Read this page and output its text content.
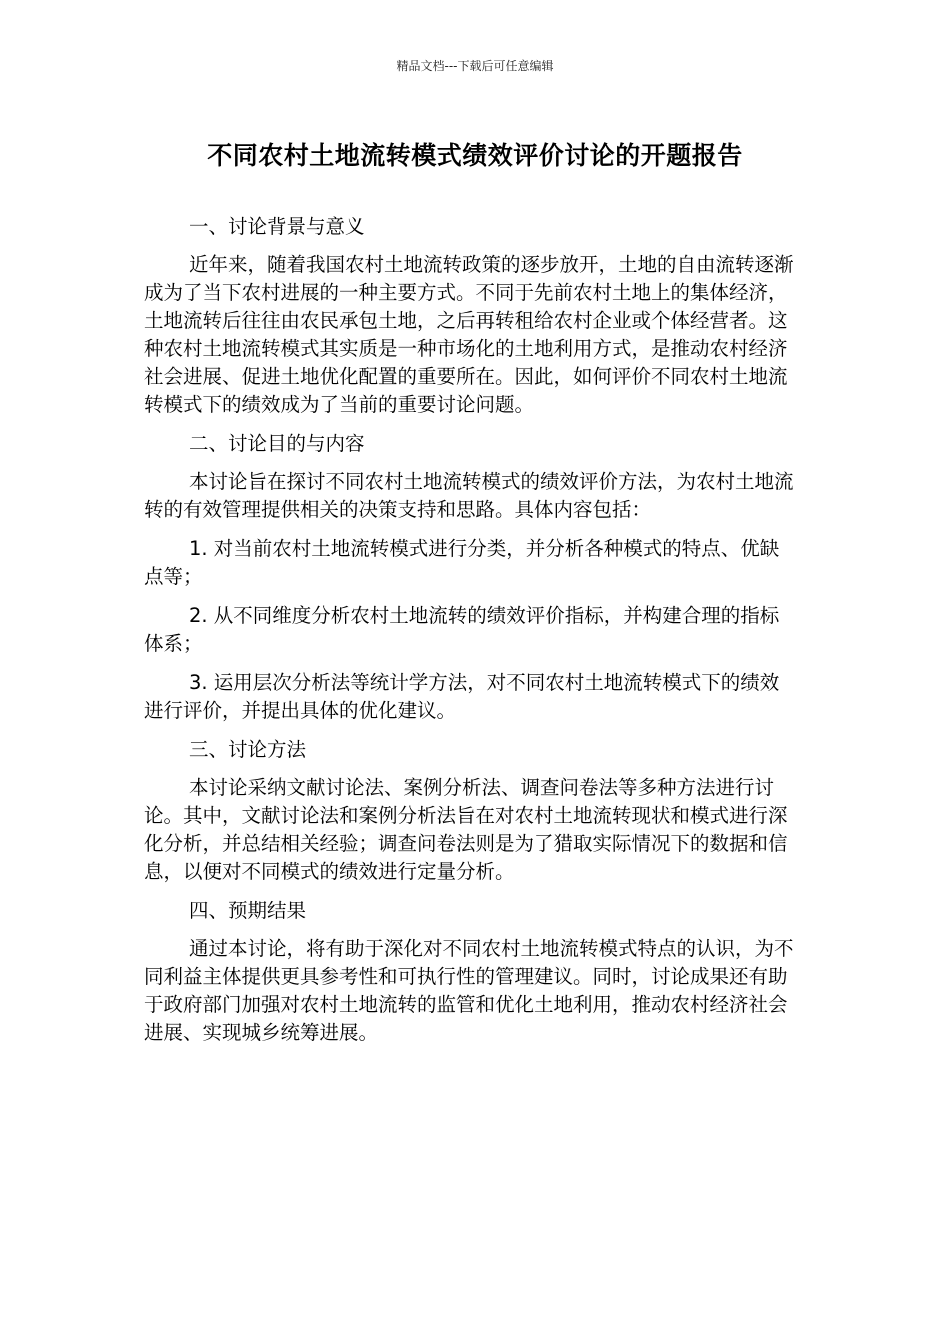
精品文档---下载后可任意编辑
不同农村土地流转模式绩效评价讨论的开题报告

一、讨论背景与意义

近年来，随着我国农村土地流转政策的逐步放开，土地的自由流转逐渐成为了当下农村进展的一种主要方式。不同于先前农村土地上的集体经济，土地流转后往往由农民承包土地，之后再转租给农村企业或个体经营者。这种农村土地流转模式其实质是一种市场化的土地利用方式，是推动农村经济社会进展、促进土地优化配置的重要所在。因此，如何评价不同农村土地流转模式下的绩效成为了当前的重要讨论问题。

二、讨论目的与内容

本讨论旨在探讨不同农村土地流转模式的绩效评价方法，为农村土地流转的有效管理提供相关的决策支持和思路。具体内容包括：

1. 对当前农村土地流转模式进行分类，并分析各种模式的特点、优缺点等；

2. 从不同维度分析农村土地流转的绩效评价指标，并构建合理的指标体系；

3. 运用层次分析法等统计学方法，对不同农村土地流转模式下的绩效进行评价，并提出具体的优化建议。

三、讨论方法

本讨论采纳文献讨论法、案例分析法、调查问卷法等多种方法进行讨论。其中，文献讨论法和案例分析法旨在对农村土地流转现状和模式进行深化分析，并总结相关经验；调查问卷法则是为了猎取实际情况下的数据和信息，以便对不同模式的绩效进行定量分析。

四、预期结果

通过本讨论，将有助于深化对不同农村土地流转模式特点的认识，为不同利益主体提供更具参考性和可执行性的管理建议。同时，讨论成果还有助于政府部门加强对农村土地流转的监管和优化土地利用，推动农村经济社会进展、实现城乡统筹进展。
